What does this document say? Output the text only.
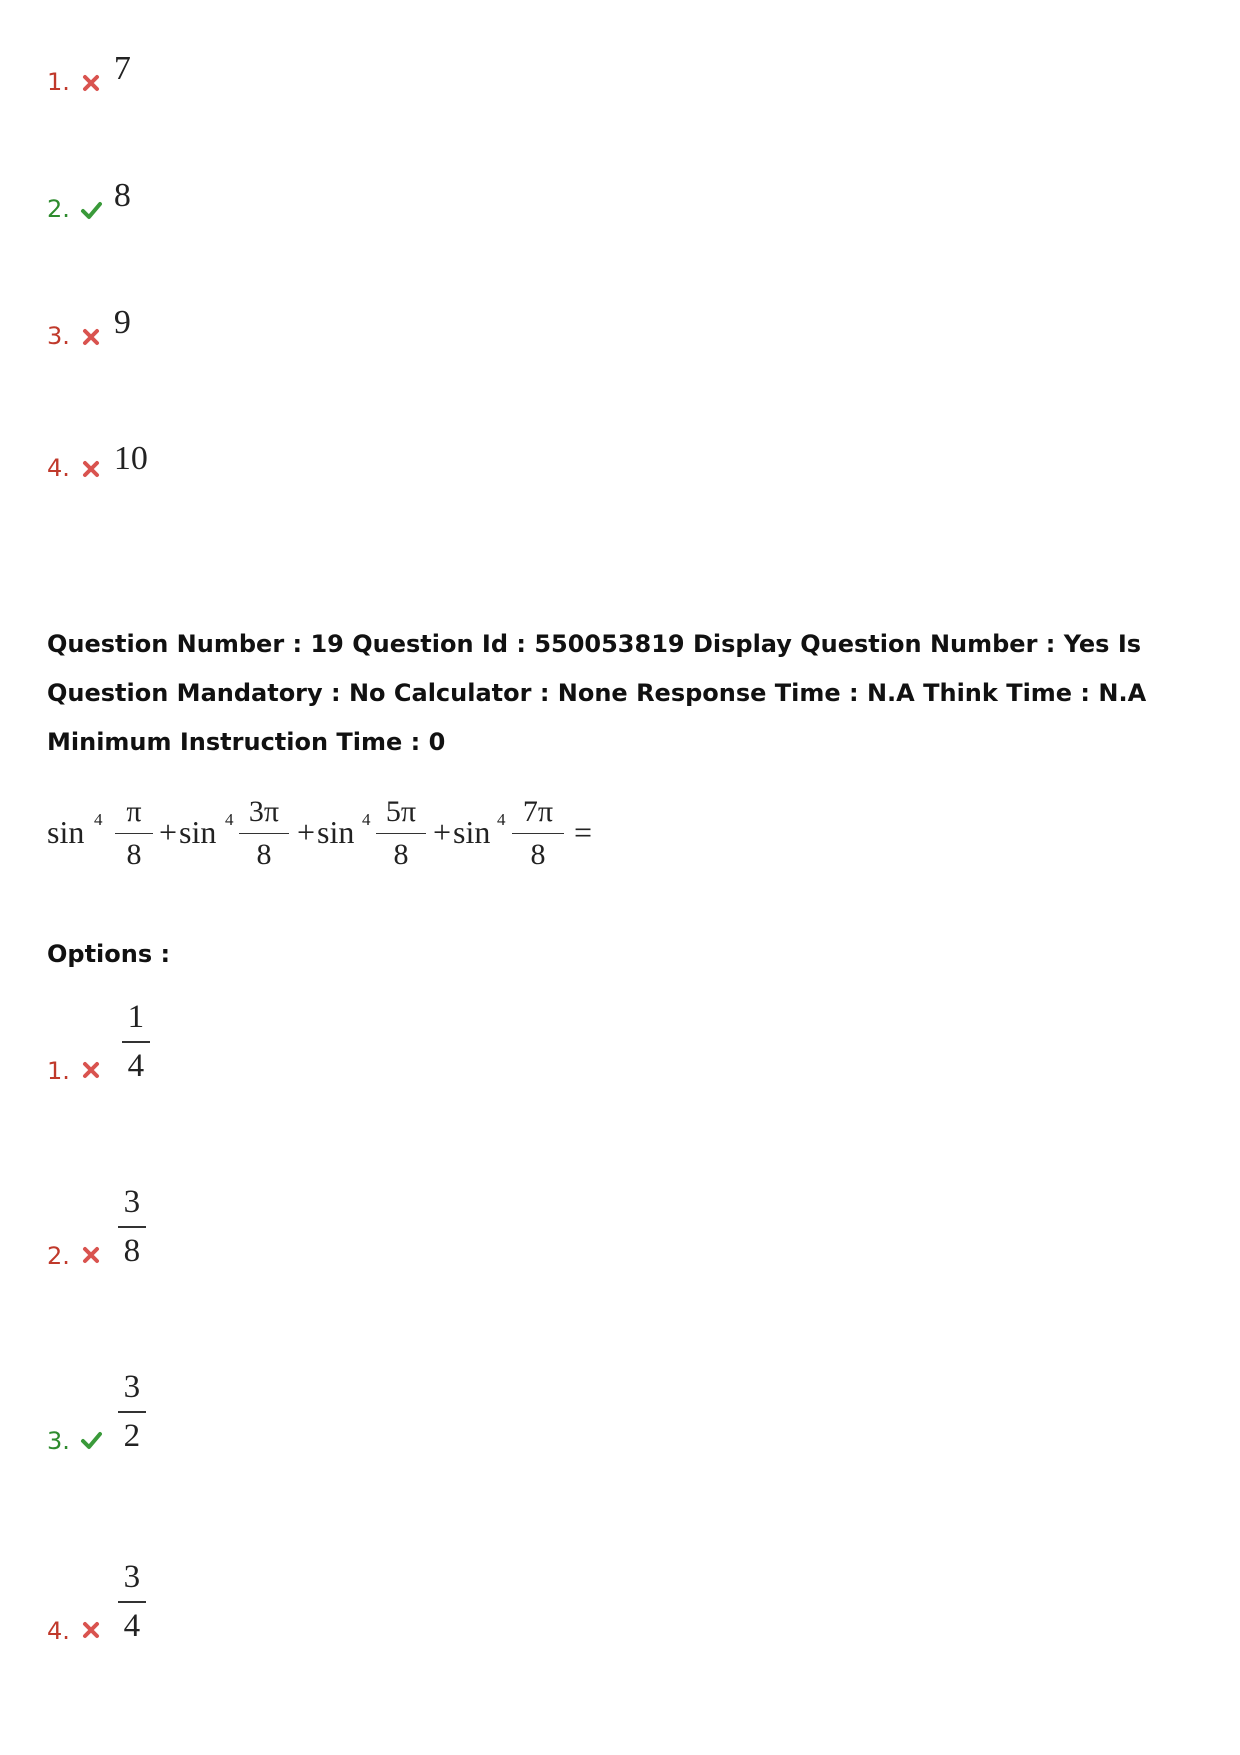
1. 7
2. 8
3. 9
4. 10
Question Number : 19 Question Id : 550053819 Display Question Number : Yes Is Question Mandatory : No Calculator : None Response Time : N.A Think Time : N.A Minimum Instruction Time : 0
sin 4 π
8
+ sin 4 3π
8
+ sin 4 5π
8
+ sin 4 7π
8
=
Options :
1. $\frac{1}{4}$
2. $\frac{3}{8}$
3. $\frac{3}{2}$
4. $\frac{3}{4}$
